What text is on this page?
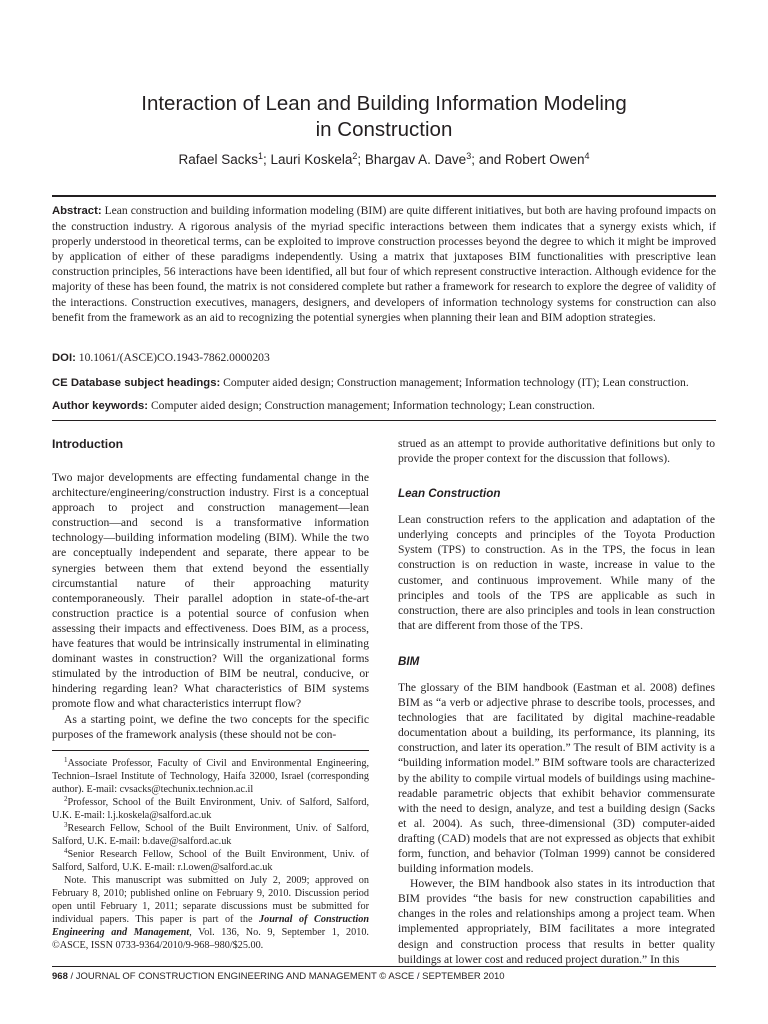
Interaction of Lean and Building Information Modeling
in Construction
Rafael Sacks$^1$; Lauri Koskela$^2$; Bhargav A. Dave$^3$; and Robert Owen$^4$

Abstract: Lean construction and building information modeling (BIM) are quite different initiatives, but both are having profound impacts on the construction industry. A rigorous analysis of the myriad specific interactions between them indicates that a synergy exists which, if properly understood in theoretical terms, can be exploited to improve construction processes beyond the degree to which it might be improved by application of either of these paradigms independently. Using a matrix that juxtaposes BIM functionalities with prescriptive lean construction principles, 56 interactions have been identified, all but four of which represent constructive interaction. Although evidence for the majority of these has been found, the matrix is not considered complete but rather a framework for research to explore the degree of validity of the interactions. Construction executives, managers, designers, and developers of information technology systems for construction can also benefit from the framework as an aid to recognizing the potential synergies when planning their lean and BIM adoption strategies.

DOI: 10.1061/(ASCE)CO.1943-7862.0000203

CE Database subject headings: Computer aided design; Construction management; Information technology (IT); Lean construction.

Author keywords: Computer aided design; Construction management; Information technology; Lean construction.

Introduction

Two major developments are effecting fundamental change in the architecture/engineering/construction industry. First is a conceptual approach to project and construction management—lean construction—and second is a transformative information technology—building information modeling (BIM). While the two are conceptually independent and separate, there appear to be synergies between them that extend beyond the essentially circumstantial nature of their approaching maturity contemporaneously. Their parallel adoption in state-of-the-art construction practice is a potential source of confusion when assessing their impacts and effectiveness. Does BIM, as a process, have features that would be intrinsically instrumental in eliminating dominant wastes in construction? Will the organizational forms stimulated by the introduction of BIM be neutral, conducive, or hindering regarding lean? What characteristics of BIM systems promote flow and what characteristics interrupt flow?

As a starting point, we define the two concepts for the specific purposes of the framework analysis (these should not be con-

$^1$Associate Professor, Faculty of Civil and Environmental Engineering, Technion–Israel Institute of Technology, Haifa 32000, Israel (corresponding author). E-mail: cvsacks@techunix.technion.ac.il

$^2$Professor, School of the Built Environment, Univ. of Salford, Salford, U.K. E-mail: l.j.koskela@salford.ac.uk

$^3$Research Fellow, School of the Built Environment, Univ. of Salford, Salford, U.K. E-mail: b.dave@salford.ac.uk

$^4$Senior Research Fellow, School of the Built Environment, Univ. of Salford, Salford, U.K. E-mail: r.l.owen@salford.ac.uk

Note. This manuscript was submitted on July 2, 2009; approved on February 8, 2010; published online on February 9, 2010. Discussion period open until February 1, 2011; separate discussions must be submitted for individual papers. This paper is part of the Journal of Construction Engineering and Management, Vol. 136, No. 9, September 1, 2010. ©ASCE, ISSN 0733-9364/2010/9-968–980/$25.00.

strued as an attempt to provide authoritative definitions but only to provide the proper context for the discussion that follows).

Lean Construction

Lean construction refers to the application and adaptation of the underlying concepts and principles of the Toyota Production System (TPS) to construction. As in the TPS, the focus in lean construction is on reduction in waste, increase in value to the customer, and continuous improvement. While many of the principles and tools of the TPS are applicable as such in construction, there are also principles and tools in lean construction that are different from those of the TPS.

BIM

The glossary of the BIM handbook (Eastman et al. 2008) defines BIM as “a verb or adjective phrase to describe tools, processes, and technologies that are facilitated by digital machine-readable documentation about a building, its performance, its planning, its construction, and later its operation.” The result of BIM activity is a “building information model.” BIM software tools are characterized by the ability to compile virtual models of buildings using machine-readable parametric objects that exhibit behavior commensurate with the need to design, analyze, and test a building design (Sacks et al. 2004). As such, three-dimensional (3D) computer-aided drafting (CAD) models that are not expressed as objects that exhibit form, function, and behavior (Tolman 1999) cannot be considered building information models.

However, the BIM handbook also states in its introduction that BIM provides “the basis for new construction capabilities and changes in the roles and relationships among a project team. When implemented appropriately, BIM facilitates a more integrated design and construction process that results in better quality buildings at lower cost and reduced project duration.” In this

968 / JOURNAL OF CONSTRUCTION ENGINEERING AND MANAGEMENT © ASCE / SEPTEMBER 2010
